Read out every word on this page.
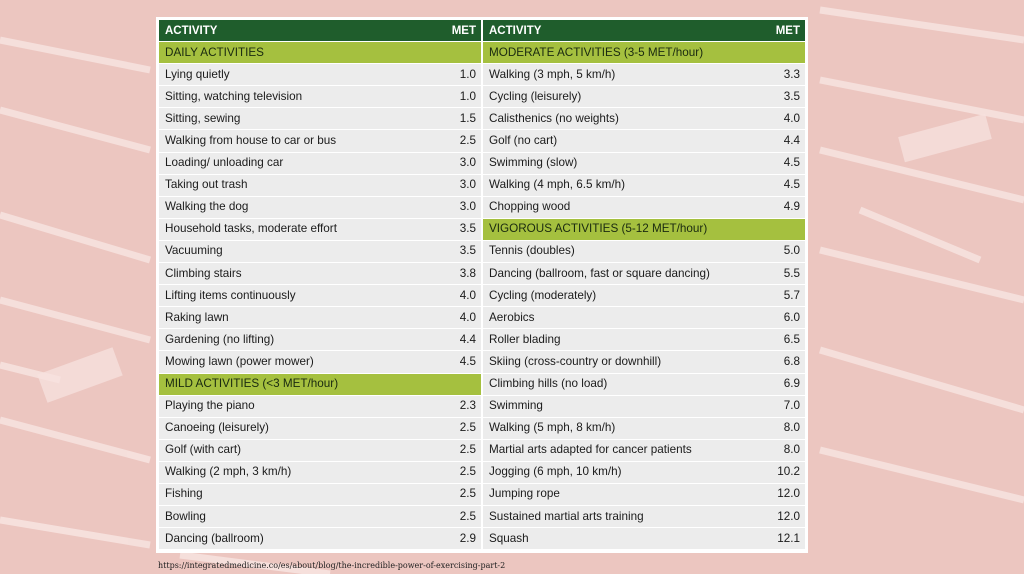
ACTIVITY	MET
DAILY ACTIVITIES
Lying quietly	1.0
Sitting, watching television	1.0
Sitting, sewing	1.5
Walking from house to car or bus	2.5
Loading/ unloading car	3.0
Taking out trash	3.0
Walking the dog	3.0
Household tasks, moderate effort	3.5
Vacuuming	3.5
Climbing stairs	3.8
Lifting items continuously	4.0
Raking lawn	4.0
Gardening (no lifting)	4.4
Mowing lawn (power mower)	4.5
MILD ACTIVITIES (<3 MET/hour)
Playing the piano	2.3
Canoeing (leisurely)	2.5
Golf (with cart)	2.5
Walking (2 mph, 3 km/h)	2.5
Fishing	2.5
Bowling	2.5
Dancing (ballroom)	2.9
ACTIVITY	MET
MODERATE ACTIVITIES (3-5 MET/hour)
Walking (3 mph, 5 km/h)	3.3
Cycling (leisurely)	3.5
Calisthenics (no weights)	4.0
Golf (no cart)	4.4
Swimming (slow)	4.5
Walking (4 mph, 6.5 km/h)	4.5
Chopping wood	4.9
VIGOROUS ACTIVITIES (5-12 MET/hour)
Tennis (doubles)	5.0
Dancing (ballroom, fast or square dancing)	5.5
Cycling (moderately)	5.7
Aerobics	6.0
Roller blading	6.5
Skiing (cross-country or downhill)	6.8
Climbing hills (no load)	6.9
Swimming	7.0
Walking (5 mph, 8 km/h)	8.0
Martial arts adapted for cancer patients	8.0
Jogging (6 mph, 10 km/h)	10.2
Jumping rope	12.0
Sustained martial arts training	12.0
Squash	12.1
https://integratedmedicine.co/es/about/blog/the-incredible-power-of-exercising-part-2
